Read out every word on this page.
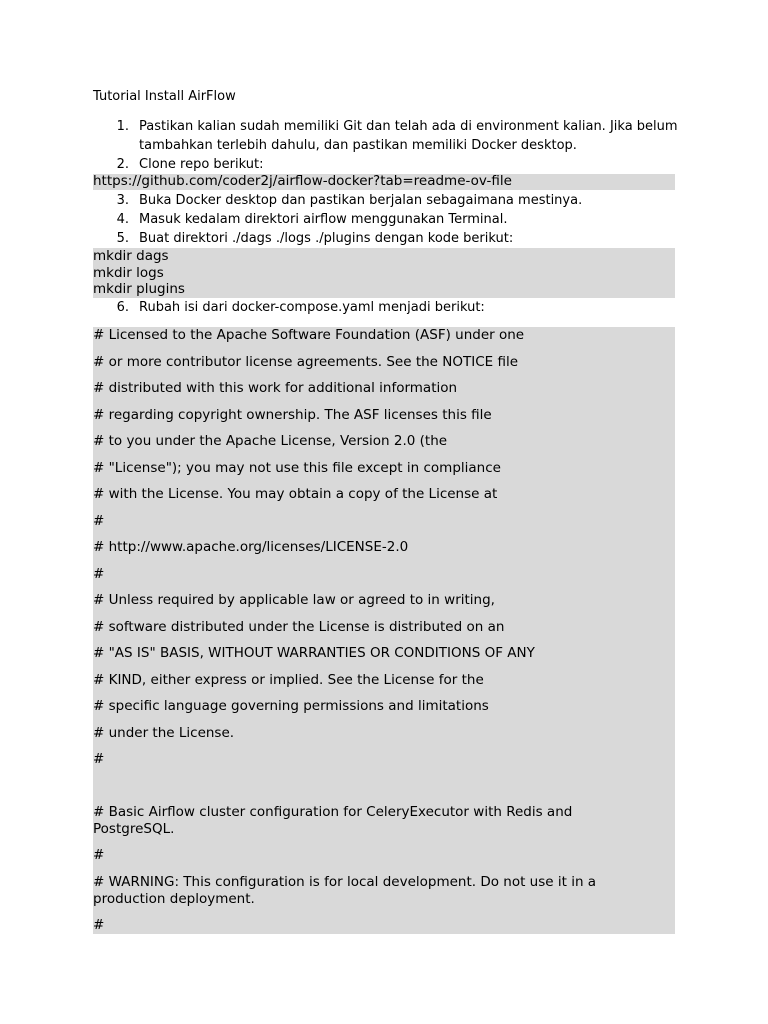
Tutorial Install AirFlow
1. Pastikan kalian sudah memiliki Git dan telah ada di environment kalian. Jika belum
tambahkan terlebih dahulu, dan pastikan memiliki Docker desktop.
2. Clone repo berikut:
https://github.com/coder2j/airflow-docker?tab=readme-ov-file
3. Buka Docker desktop dan pastikan berjalan sebagaimana mestinya.
4. Masuk kedalam direktori airflow menggunakan Terminal.
5. Buat direktori ./dags ./logs ./plugins dengan kode berikut:
mkdir dags
mkdir logs
mkdir plugins
6. Rubah isi dari docker-compose.yaml menjadi berikut:
# Licensed to the Apache Software Foundation (ASF) under one
# or more contributor license agreements. See the NOTICE file
# distributed with this work for additional information
# regarding copyright ownership. The ASF licenses this file
# to you under the Apache License, Version 2.0 (the
# "License"); you may not use this file except in compliance
# with the License. You may obtain a copy of the License at
#
# http://www.apache.org/licenses/LICENSE-2.0
#
# Unless required by applicable law or agreed to in writing,
# software distributed under the License is distributed on an
# "AS IS" BASIS, WITHOUT WARRANTIES OR CONDITIONS OF ANY
# KIND, either express or implied. See the License for the
# specific language governing permissions and limitations
# under the License.
#
# Basic Airflow cluster configuration for CeleryExecutor with Redis and
PostgreSQL.
#
# WARNING: This configuration is for local development. Do not use it in a
production deployment.
#
